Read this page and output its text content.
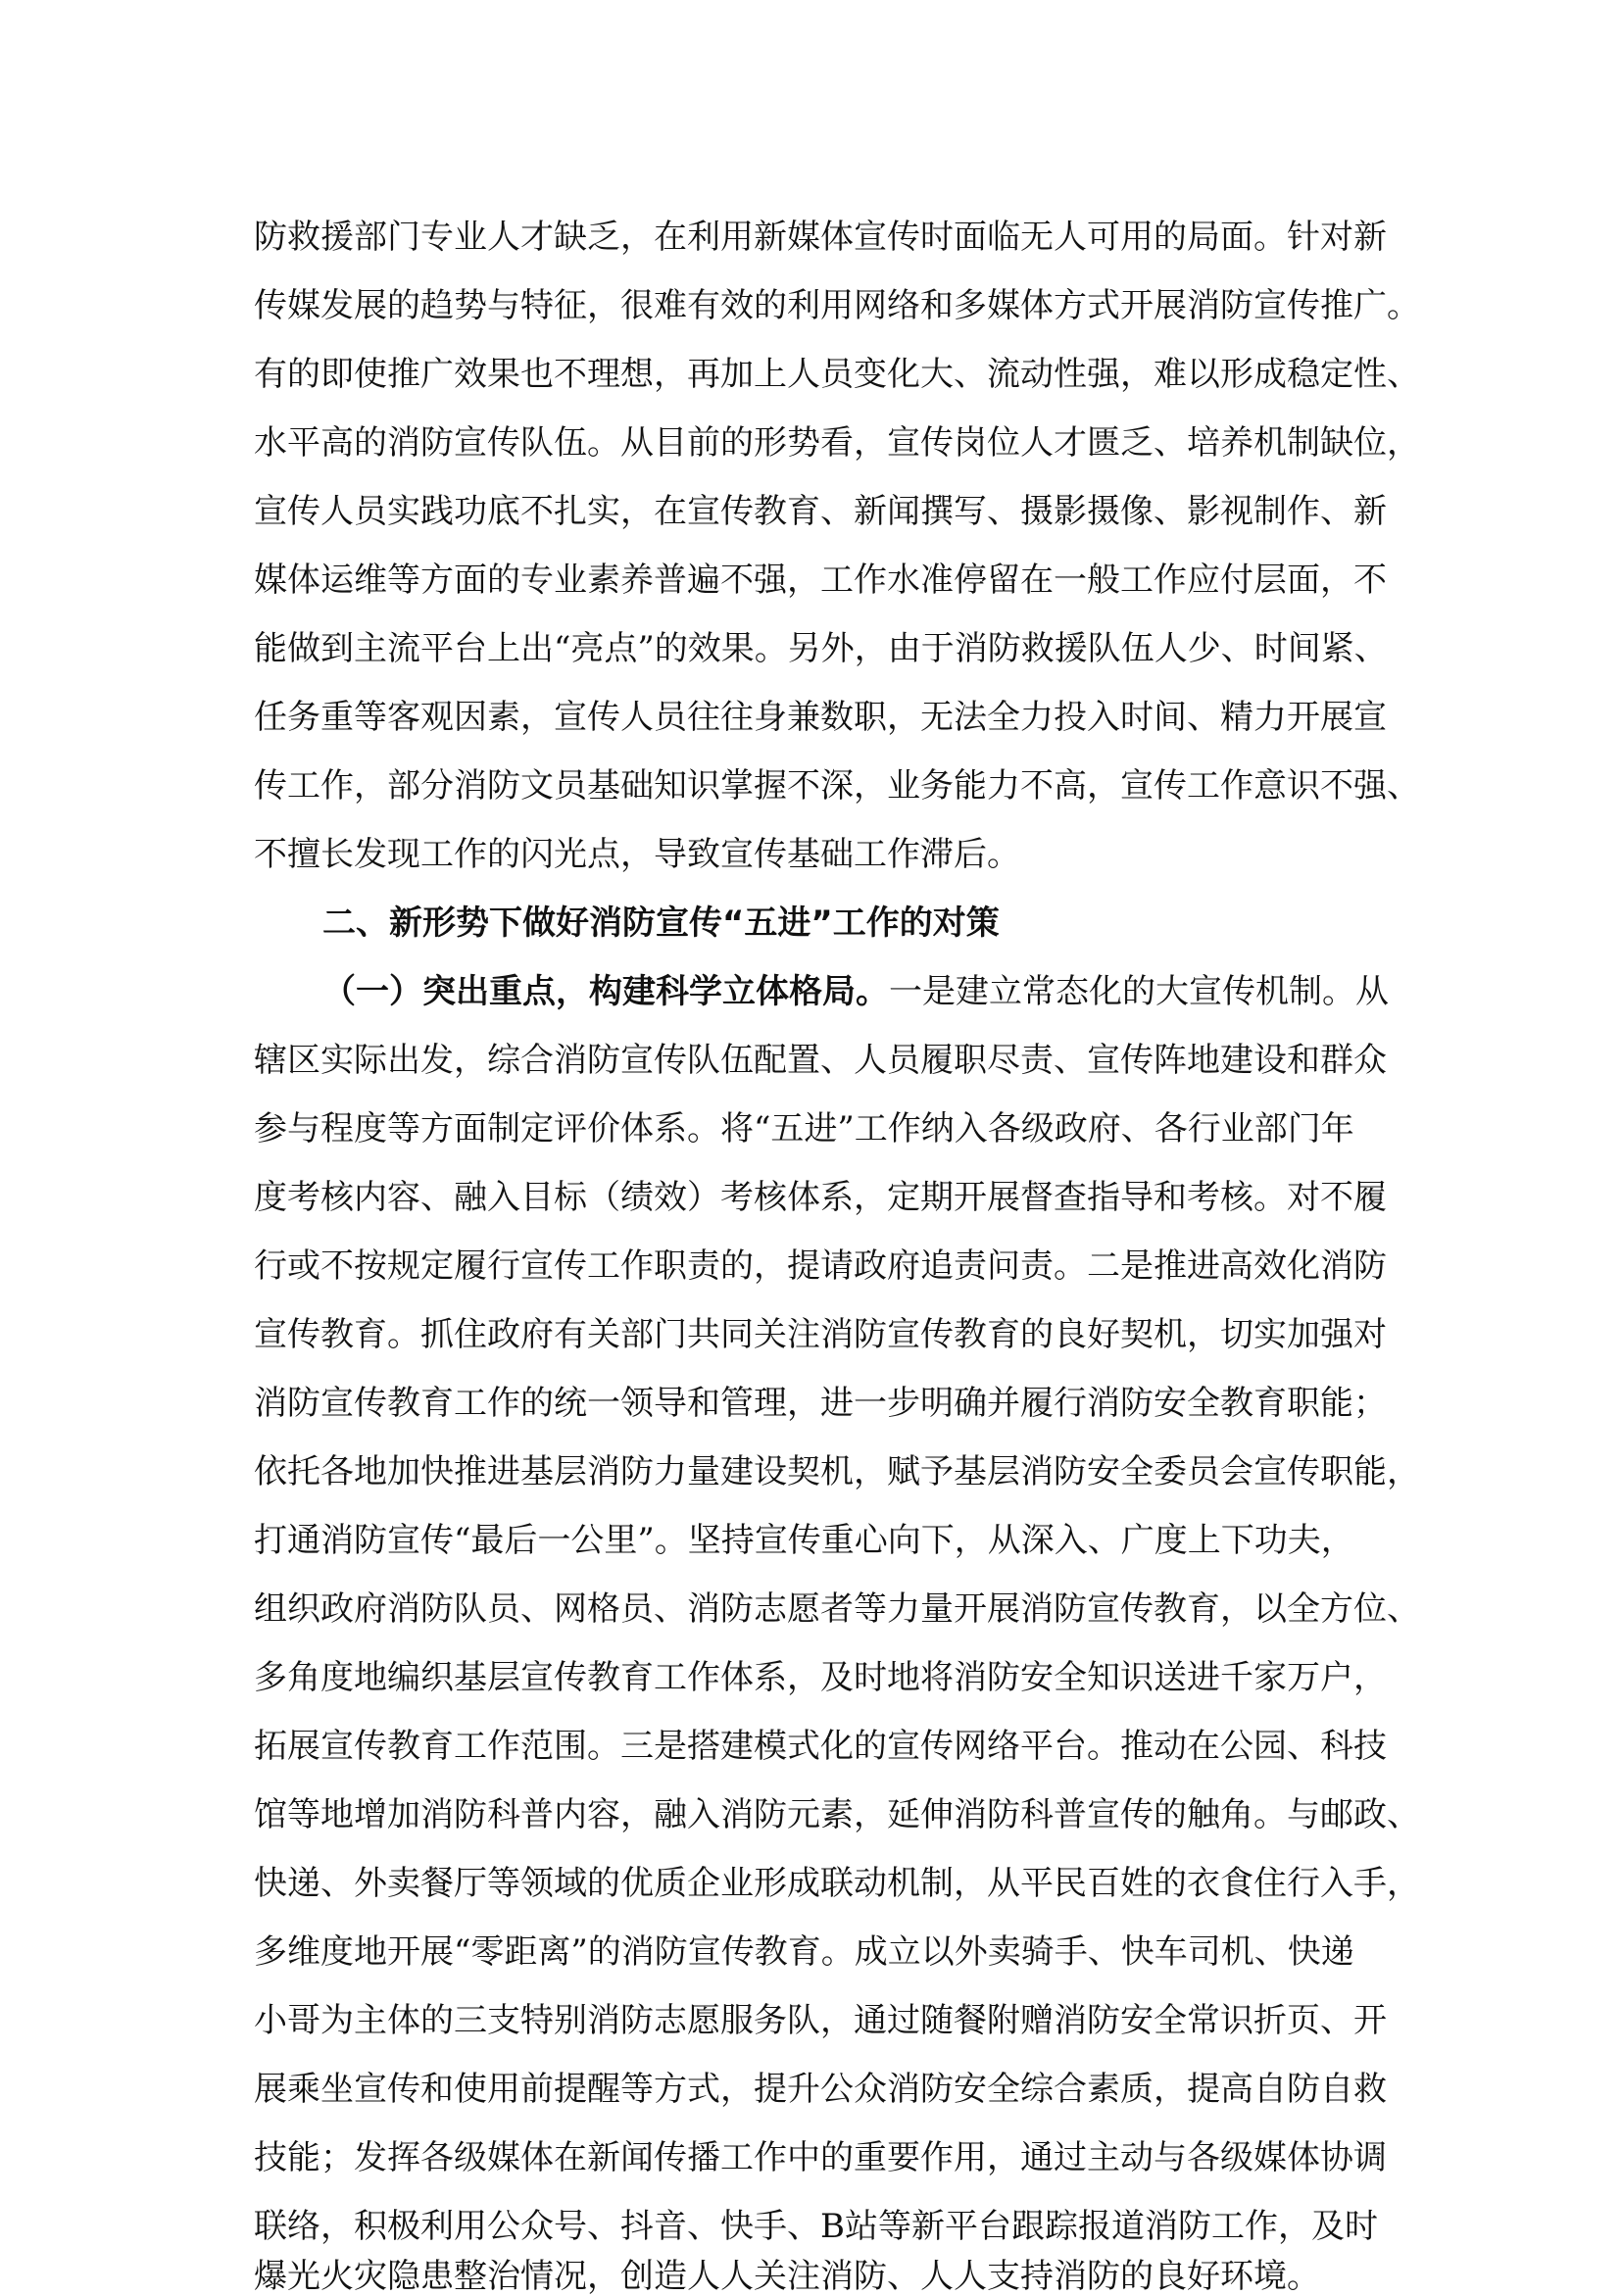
防救援部门专业人才缺乏，在利用新媒体宣传时面临无人可用的局面。针对新
传媒发展的趋势与特征，很难有效的利用网络和多媒体方式开展消防宣传推广。
有的即使推广效果也不理想，再加上人员变化大、流动性强，难以形成稳定性、
水平高的消防宣传队伍。从目前的形势看，宣传岗位人才匮乏、培养机制缺位，
宣传人员实践功底不扎实，在宣传教育、新闻撰写、摄影摄像、影视制作、新
媒体运维等方面的专业素养普遍不强，工作水准停留在一般工作应付层面，不
能做到主流平台上出“亮点”的效果。另外，由于消防救援队伍人少、时间紧、
任务重等客观因素，宣传人员往往身兼数职，无法全力投入时间、精力开展宣
传工作，部分消防文员基础知识掌握不深，业务能力不高，宣传工作意识不强、
不擅长发现工作的闪光点，导致宣传基础工作滞后。
二、新形势下做好消防宣传“五进”工作的对策
（一）突出重点，构建科学立体格局。一是建立常态化的大宣传机制。从
辖区实际出发，综合消防宣传队伍配置、人员履职尽责、宣传阵地建设和群众
参与程度等方面制定评价体系。将“五进”工作纳入各级政府、各行业部门年
度考核内容、融入目标（绩效）考核体系，定期开展督查指导和考核。对不履
行或不按规定履行宣传工作职责的，提请政府追责问责。二是推进高效化消防
宣传教育。抓住政府有关部门共同关注消防宣传教育的良好契机，切实加强对
消防宣传教育工作的统一领导和管理，进一步明确并履行消防安全教育职能；
依托各地加快推进基层消防力量建设契机，赋予基层消防安全委员会宣传职能，
打通消防宣传“最后一公里”。坚持宣传重心向下，从深入、广度上下功夫，
组织政府消防队员、网格员、消防志愿者等力量开展消防宣传教育，以全方位、
多角度地编织基层宣传教育工作体系，及时地将消防安全知识送进千家万户，
拓展宣传教育工作范围。三是搭建模式化的宣传网络平台。推动在公园、科技
馆等地增加消防科普内容，融入消防元素，延伸消防科普宣传的触角。与邮政、
快递、外卖餐厅等领域的优质企业形成联动机制，从平民百姓的衣食住行入手，
多维度地开展“零距离”的消防宣传教育。成立以外卖骑手、快车司机、快递
小哥为主体的三支特别消防志愿服务队，通过随餐附赠消防安全常识折页、开
展乘坐宣传和使用前提醒等方式，提升公众消防安全综合素质，提高自防自救
技能；发挥各级媒体在新闻传播工作中的重要作用，通过主动与各级媒体协调
联络，积极利用公众号、抖音、快手、B站等新平台跟踪报道消防工作，及时
爆光火灾隐患整治情况，创造人人关注消防、人人支持消防的良好环境。
